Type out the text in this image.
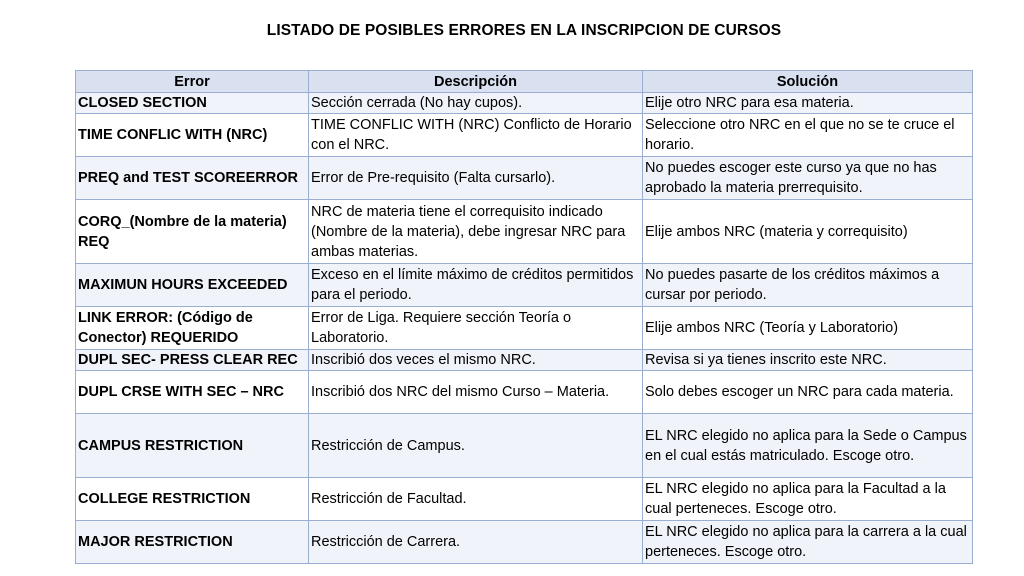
LISTADO DE POSIBLES ERRORES EN LA INSCRIPCION DE CURSOS
Error	Descripción	Solución
CLOSED SECTION	Sección cerrada (No hay cupos).	Elije otro NRC para esa materia.
TIME CONFLIC WITH (NRC)	TIME CONFLIC WITH (NRC) Conflicto de Horario con el NRC.	Seleccione otro NRC en el que no se te cruce el horario.
PREQ and TEST SCOREERROR	Error de Pre-requisito (Falta cursarlo).	No puedes escoger este curso ya que no has aprobado la materia prerrequisito.
CORQ_(Nombre de la materia) REQ	NRC de materia tiene el correquisito indicado (Nombre de la materia), debe ingresar NRC para ambas materias.	Elije ambos NRC (materia y correquisito)
MAXIMUN HOURS EXCEEDED	Exceso en el límite máximo de créditos permitidos para el periodo.	No puedes pasarte de los créditos máximos a cursar por periodo.
LINK ERROR: (Código de Conector) REQUERIDO	Error de Liga. Requiere sección Teoría o Laboratorio.	Elije ambos NRC (Teoría y Laboratorio)
DUPL SEC- PRESS CLEAR REC	Inscribió dos veces el mismo NRC.	Revisa si ya tienes inscrito este NRC.
DUPL CRSE WITH SEC – NRC	Inscribió dos NRC del mismo Curso – Materia.	Solo debes escoger un NRC para cada materia.
CAMPUS RESTRICTION	Restricción de Campus.	EL NRC elegido no aplica para la Sede o Campus en el cual estás matriculado. Escoge otro.
COLLEGE RESTRICTION	Restricción de Facultad.	EL NRC elegido no aplica para la Facultad a la cual perteneces. Escoge otro.
MAJOR RESTRICTION	Restricción de Carrera.	EL NRC elegido no aplica para la carrera a la cual perteneces. Escoge otro.
